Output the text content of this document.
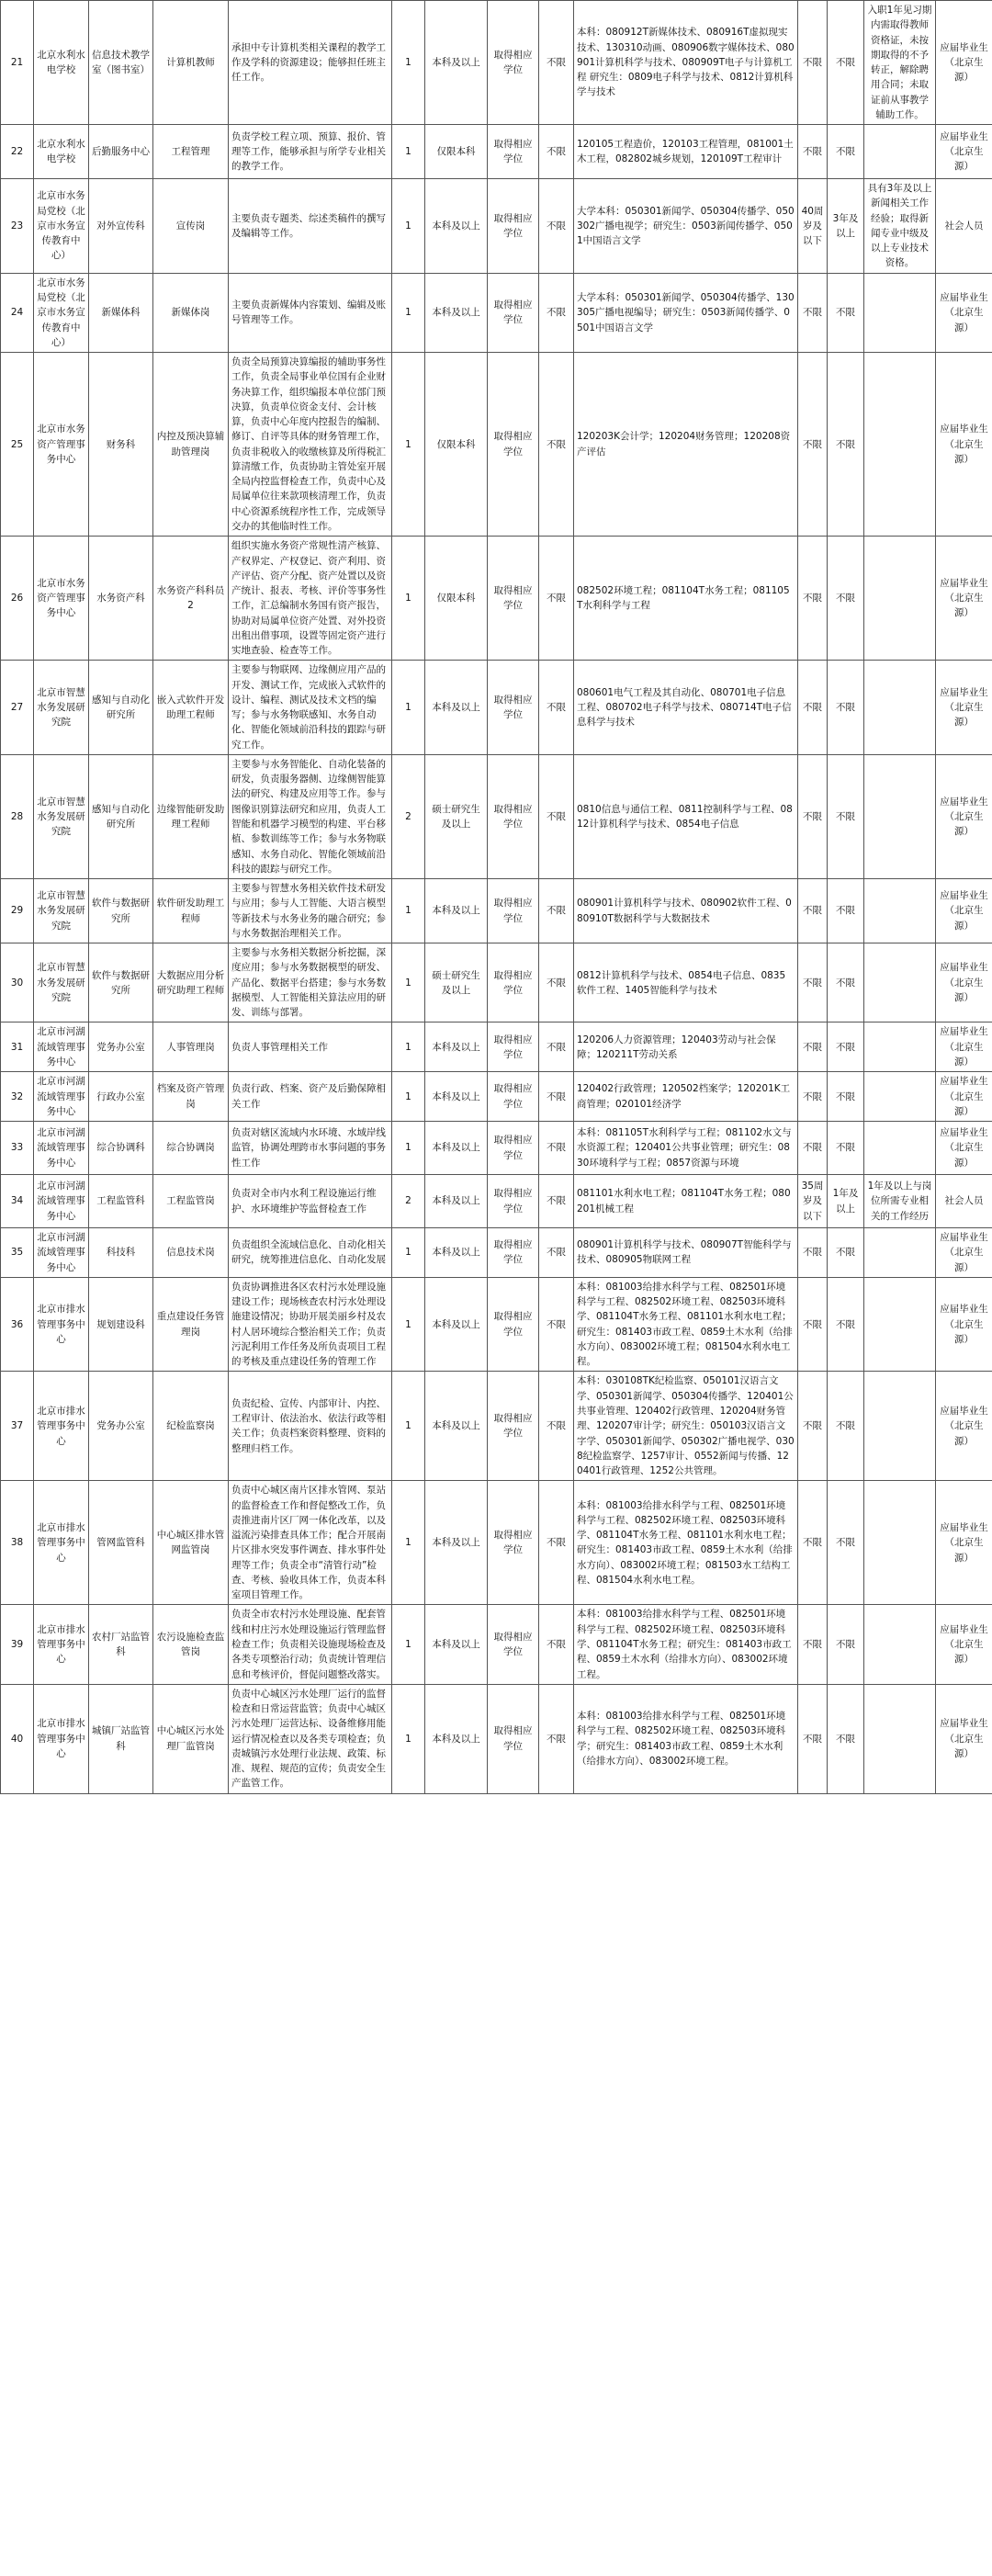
21	北京水利水电学校	信息技术教学室（图书室）	计算机教师	承担中专计算机类相关课程的教学工作及学科的资源建设；能够担任班主任工作。	1	本科及以上	取得相应学位	不限	本科：080912T新媒体技术、080916T虚拟现实技术、130310动画、080906数字媒体技术、080901计算机科学与技术、080909T电子与计算机工程 研究生：0809电子科学与技术、0812计算机科学与技术	不限	不限	入职1年见习期内需取得教师资格证，未按期取得的不予转正，解除聘用合同；未取证前从事教学辅助工作。	应届毕业生（北京生源）
22	北京水利水电学校	后勤服务中心	工程管理	负责学校工程立项、预算、报价、管理等工作，能够承担与所学专业相关的教学工作。	1	仅限本科	取得相应学位	不限	120105工程造价，120103工程管理，081001土木工程，082802城乡规划，120109T工程审计	不限	不限		应届毕业生（北京生源）
23	北京市水务局党校（北京市水务宣传教育中心）	对外宣传科	宣传岗	主要负责专题类、综述类稿件的撰写及编辑等工作。	1	本科及以上	取得相应学位	不限	大学本科：050301新闻学、050304传播学、050302广播电视学；研究生：0503新闻传播学、0501中国语言文学	40周岁及以下	3年及以上	具有3年及以上新闻相关工作经验；取得新闻专业中级及以上专业技术资格。	社会人员
24	北京市水务局党校（北京市水务宣传教育中心）	新媒体科	新媒体岗	主要负责新媒体内容策划、编辑及账号管理等工作。	1	本科及以上	取得相应学位	不限	大学本科：050301新闻学、050304传播学、130305广播电视编导；研究生：0503新闻传播学、0501中国语言文学	不限	不限		应届毕业生（北京生源）
25	北京市水务资产管理事务中心	财务科	内控及预决算辅助管理岗	负责全局预算决算编报的辅助事务性工作，负责全局事业单位国有企业财务决算工作，组织编报本单位部门预决算，负责单位资金支付、会计核算，负责中心年度内控报告的编制、修订、自评等具体的财务管理工作，负责非税收入的收缴核算及所得税汇算清缴工作，负责协助主管处室开展全局内控监督检查工作，负责中心及局属单位往来款项核清理工作，负责中心资源系统程序性工作，完成领导交办的其他临时性工作。	1	仅限本科	取得相应学位	不限	120203K会计学；120204财务管理；120208资产评估	不限	不限		应届毕业生（北京生源）
26	北京市水务资产管理事务中心	水务资产科	水务资产科科员2	组织实施水务资产常规性清产核算、产权界定、产权登记、资产利用、资产评估、资产分配、资产处置以及资产统计、报表、考核、评价等事务性工作，汇总编制水务国有资产报告，协助对局属单位资产处置、对外投资出租出借事项，设置等固定资产进行实地查验、检查等工作。	1	仅限本科	取得相应学位	不限	082502环境工程；081104T水务工程；081105T水利科学与工程	不限	不限		应届毕业生（北京生源）
27	北京市智慧水务发展研究院	感知与自动化研究所	嵌入式软件开发助理工程师	主要参与物联网、边缘侧应用产品的开发、测试工作，完成嵌入式软件的设计、编程、测试及技术文档的编写；参与水务物联感知、水务自动化、智能化领域前沿科技的跟踪与研究工作。	1	本科及以上	取得相应学位	不限	080601电气工程及其自动化、080701电子信息工程、080702电子科学与技术、080714T电子信息科学与技术	不限	不限		应届毕业生（北京生源）
28	北京市智慧水务发展研究院	感知与自动化研究所	边缘智能研发助理工程师	主要参与水务智能化、自动化装备的研发，负责服务器侧、边缘侧智能算法的研究、构建及应用等工作。参与图像识别算法研究和应用，负责人工智能和机器学习模型的构建、平台移植、参数训练等工作；参与水务物联感知、水务自动化、智能化领域前沿科技的跟踪与研究工作。	2	硕士研究生及以上	取得相应学位	不限	0810信息与通信工程、0811控制科学与工程、0812计算机科学与技术、0854电子信息	不限	不限		应届毕业生（北京生源）
29	北京市智慧水务发展研究院	软件与数据研究所	软件研发助理工程师	主要参与智慧水务相关软件技术研发与应用；参与人工智能、大语言模型等新技术与水务业务的融合研究；参与水务数据治理相关工作。	1	本科及以上	取得相应学位	不限	080901计算机科学与技术、080902软件工程、080910T数据科学与大数据技术	不限	不限		应届毕业生（北京生源）
30	北京市智慧水务发展研究院	软件与数据研究所	大数据应用分析研究助理工程师	主要参与水务相关数据分析挖掘，深度应用；参与水务数据模型的研发、产品化、数据平台搭建；参与水务数据模型、人工智能相关算法应用的研发、训练与部署。	1	硕士研究生及以上	取得相应学位	不限	0812计算机科学与技术、0854电子信息、0835软件工程、1405智能科学与技术	不限	不限		应届毕业生（北京生源）
31	北京市河湖流域管理事务中心	党务办公室	人事管理岗	负责人事管理相关工作	1	本科及以上	取得相应学位	不限	120206人力资源管理；120403劳动与社会保障；120211T劳动关系	不限	不限		应届毕业生（北京生源）
32	北京市河湖流域管理事务中心	行政办公室	档案及资产管理岗	负责行政、档案、资产及后勤保障相关工作	1	本科及以上	取得相应学位	不限	120402行政管理；120502档案学；120201K工商管理；020101经济学	不限	不限		应届毕业生（北京生源）
33	北京市河湖流域管理事务中心	综合协调科	综合协调岗	负责对辖区流域内水环境、水域岸线监管，协调处理跨市水事问题的事务性工作	1	本科及以上	取得相应学位	不限	本科：081105T水利科学与工程；081102水文与水资源工程；120401公共事业管理；研究生：0830环境科学与工程；0857资源与环境	不限	不限		应届毕业生（北京生源）
34	北京市河湖流域管理事务中心	工程监管科	工程监管岗	负责对全市内水利工程设施运行维护、水环境维护等监督检查工作	2	本科及以上	取得相应学位	不限	081101水利水电工程；081104T水务工程；080201机械工程	35周岁及以下	1年及以上	1年及以上与岗位所需专业相关的工作经历	社会人员
35	北京市河湖流域管理事务中心	科技科	信息技术岗	负责组织全流域信息化、自动化相关研究，统筹推进信息化、自动化发展	1	本科及以上	取得相应学位	不限	080901计算机科学与技术、080907T智能科学与技术、080905物联网工程	不限	不限		应届毕业生（北京生源）
36	北京市排水管理事务中心	规划建设科	重点建设任务管理岗	负责协调推进各区农村污水处理设施建设工作；现场核查农村污水处理设施建设情况；协助开展美丽乡村及农村人居环境综合整治相关工作；负责污泥利用工作任务及所负责项目工程的考核及重点建设任务的管理工作	1	本科及以上	取得相应学位	不限	本科：081003给排水科学与工程、082501环境科学与工程、082502环境工程、082503环境科学、081104T水务工程、081101水利水电工程；研究生：081403市政工程、0859土木水利（给排水方向）、083002环境工程；081504水利水电工程。	不限	不限		应届毕业生（北京生源）
37	北京市排水管理事务中心	党务办公室	纪检监察岗	负责纪检、宣传、内部审计、内控、工程审计、依法治水、依法行政等相关工作；负责档案资料整理、资料的整理归档工作。	1	本科及以上	取得相应学位	不限	本科：030108TK纪检监察、050101汉语言文学、050301新闻学、050304传播学、120401公共事业管理、120402行政管理、120204财务管理、120207审计学；研究生：050103汉语言文字学、050301新闻学、050302广播电视学、0308纪检监察学、1257审计、0552新闻与传播、120401行政管理、1252公共管理。	不限	不限		应届毕业生（北京生源）
38	北京市排水管理事务中心	管网监管科	中心城区排水管网监管岗	负责中心城区南片区排水管网、泵站的监督检查工作和督促整改工作，负责推进南片区厂网一体化改革，以及溢流污染排查具体工作；配合开展南片区排水突发事件调查、排水事件处理等工作；负责全市“清管行动”检查、考核、验收具体工作，负责本科室项目管理工作。	1	本科及以上	取得相应学位	不限	本科：081003给排水科学与工程、082501环境科学与工程、082502环境工程、082503环境科学、081104T水务工程、081101水利水电工程；研究生：081403市政工程、0859土木水利（给排水方向）、083002环境工程；081503水工结构工程、081504水利水电工程。	不限	不限		应届毕业生（北京生源）
39	北京市排水管理事务中心	农村厂站监管科	农污设施检查监管岗	负责全市农村污水处理设施、配套管线和村庄污水处理设施运行管理监督检查工作；负责相关设施现场检查及各类专项整治行动；负责统计管理信息和考核评价，督促问题整改落实。	1	本科及以上	取得相应学位	不限	本科：081003给排水科学与工程、082501环境科学与工程、082502环境工程、082503环境科学、081104T水务工程；研究生：081403市政工程、0859土木水利（给排水方向）、083002环境工程。	不限	不限		应届毕业生（北京生源）
40	北京市排水管理事务中心	城镇厂站监管科	中心城区污水处理厂监管岗	负责中心城区污水处理厂运行的监督检查和日常运营监管；负责中心城区污水处理厂运营达标、设备维修用能运行情况检查以及各类专项检查；负责城镇污水处理行业法规、政策、标准、规程、规范的宣传；负责安全生产监管工作。	1	本科及以上	取得相应学位	不限	本科：081003给排水科学与工程、082501环境科学与工程、082502环境工程、082503环境科学；研究生：081403市政工程、0859土木水利（给排水方向）、083002环境工程。	不限	不限		应届毕业生（北京生源）
